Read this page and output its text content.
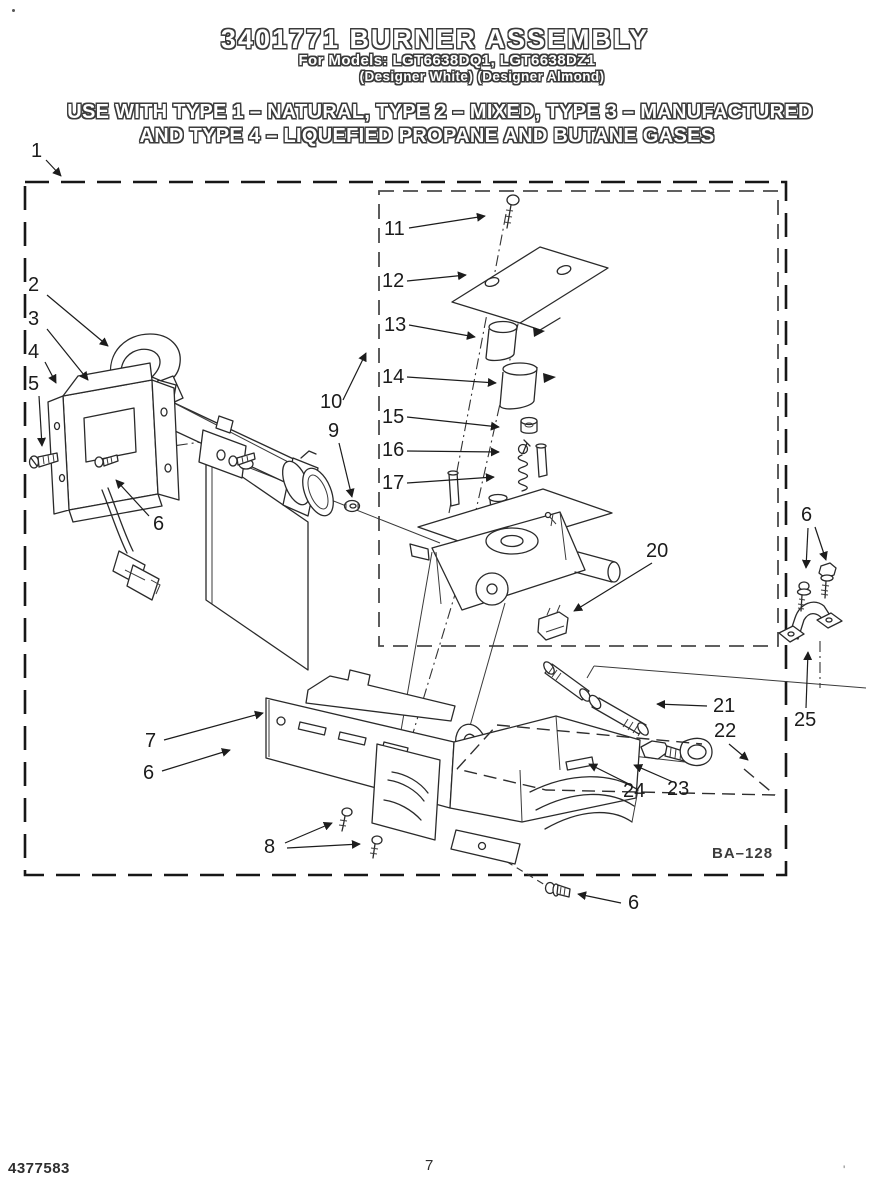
3401771 BURNER ASSEMBLY
For Models: LGT6638DQ1, LGT6638DZ1
(Designer White) (Designer Almond)
USE WITH TYPE 1 – NATURAL, TYPE 2 – MIXED, TYPE 3 – MANUFACTURED
AND TYPE 4 – LIQUEFIED PROPANE AND BUTANE GASES
1
2
3
4
5
6
7
6
8
9
10
11
12
13
14
15
16
17
20
21
22
23
24
25
6
6
BA–128
4377583	7	'
